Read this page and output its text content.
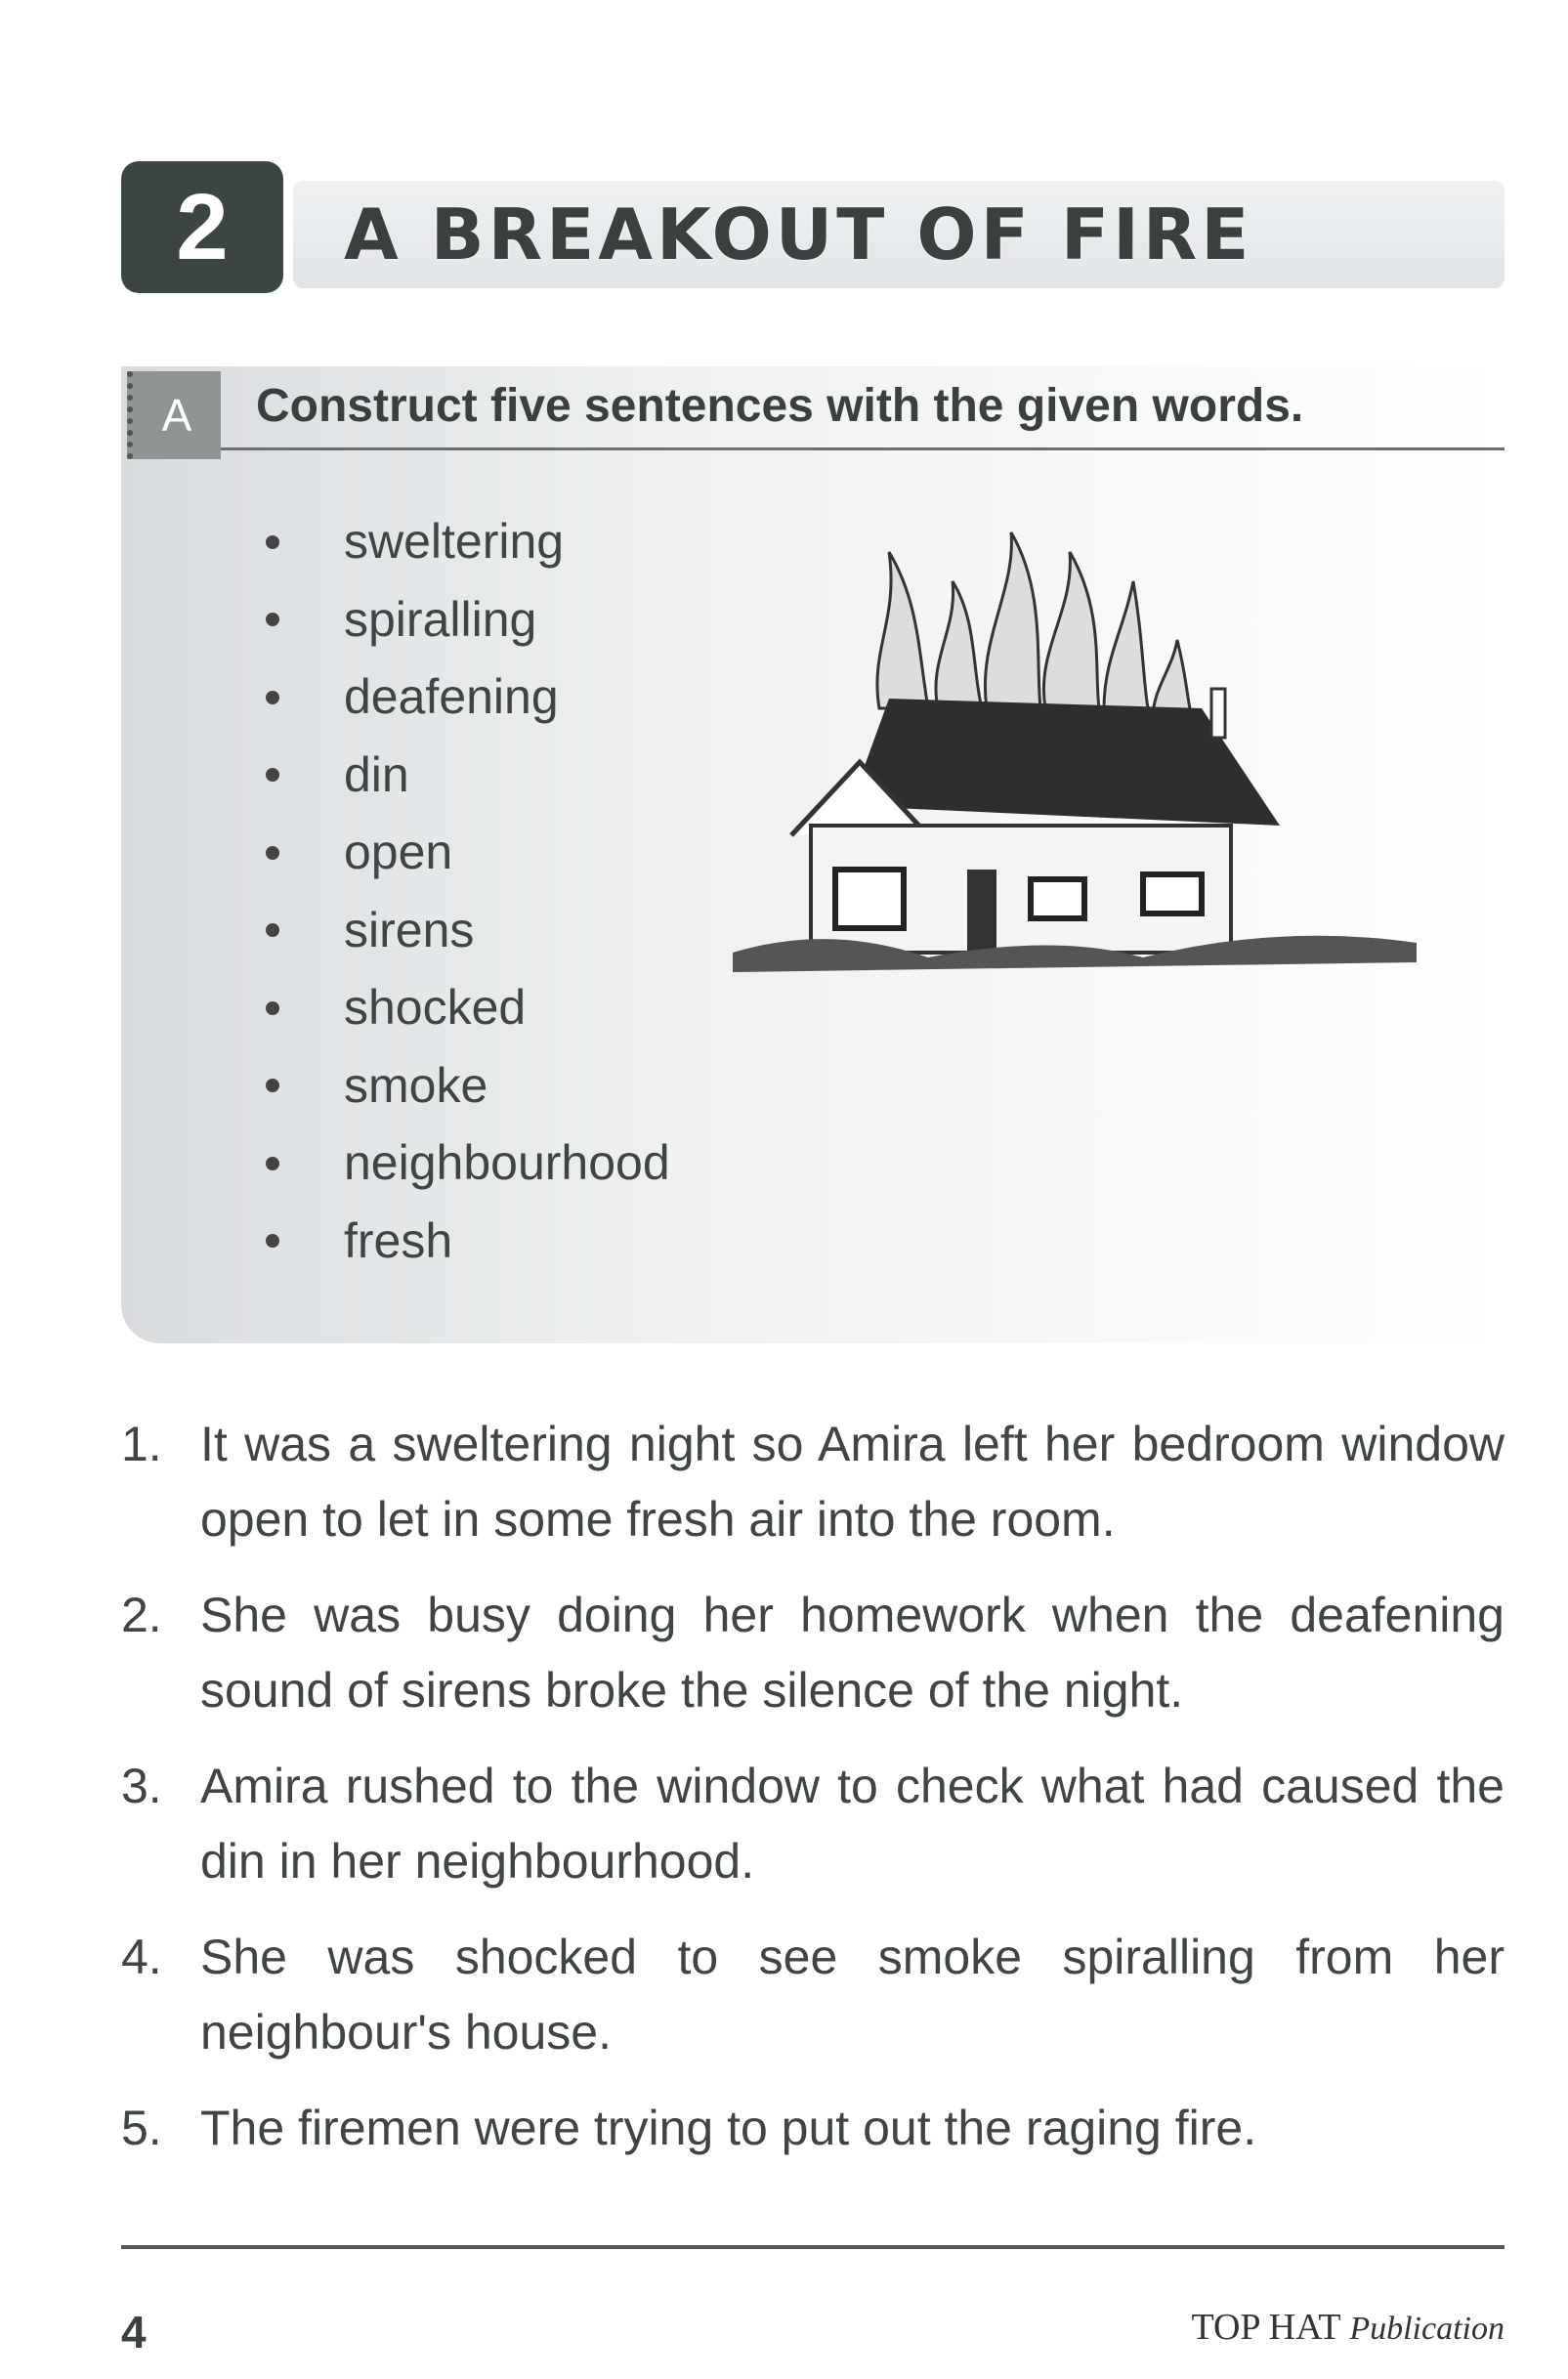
2 A BREAKOUT OF FIRE
A Construct five sentences with the given words.
sweltering
spiralling
deafening
din
open
sirens
shocked
smoke
neighbourhood
fresh
1. It was a sweltering night so Amira left her bedroom window open to let in some fresh air into the room.
2. She was busy doing her homework when the deafening sound of sirens broke the silence of the night.
3. Amira rushed to the window to check what had caused the din in her neighbourhood.
4. She was shocked to see smoke spiralling from her neighbour's house.
5. The firemen were trying to put out the raging fire.
4	TOP HAT Publication
